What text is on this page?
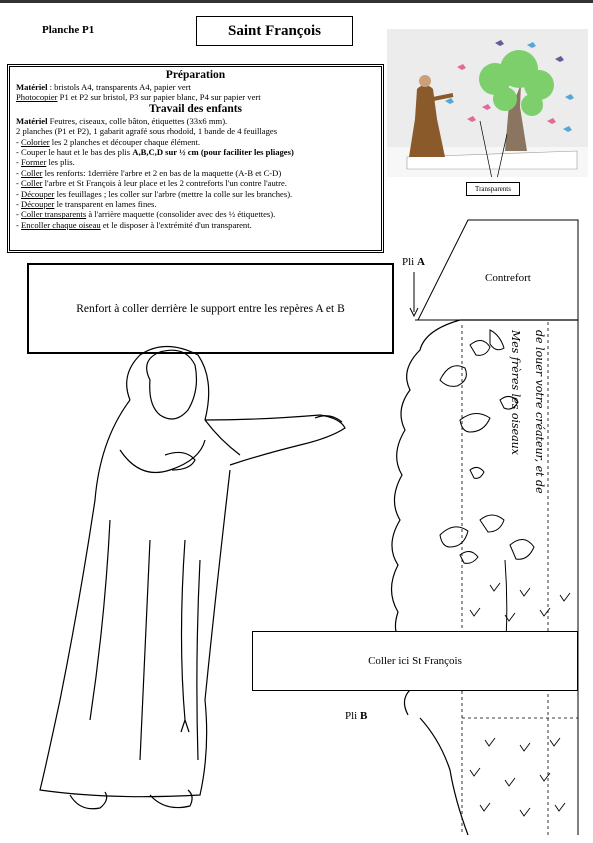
Planche P1	Saint François
Préparation

Matériel : bristols A4, transparents A4, papier vert

Photocopier P1 et P2 sur bristol, P3 sur papier blanc, P4 sur papier vert

Travail des enfants

Matériel Feutres, ciseaux, colle bâton, étiquettes (33x6 mm).

2 planches (P1 et P2), 1 gabarit agrafé sous rhodoïd, 1 bande de 4 feuillages

- Colorier les 2 planches et découper chaque élément.

- Couper le haut et le bas des plis A,B,C,D sur ½ cm (pour faciliter les pliages)

- Former les plis.

- Coller les renforts: 1derrière l'arbre et 2 en bas de la maquette (A-B et C-D)

- Coller l'arbre et St François à leur place et les 2 contreforts l'un contre l'autre.

- Découper les feuillages ; les coller sur l'arbre (mettre la colle sur les branches).

- Découper le transparent en lames fines.

- Coller transparents à l'arrière maquette (consolider avec des ½ étiquettes).

- Encoller chaque oiseau et le disposer à l'extrémité d'un transparent.

Transparents
Renfort à coller derrière le support entre les repères A et B
Pli A
Contrefort
Mes frères les oiseaux de louer votre créateur, et de
Coller ici St François
Pli B
